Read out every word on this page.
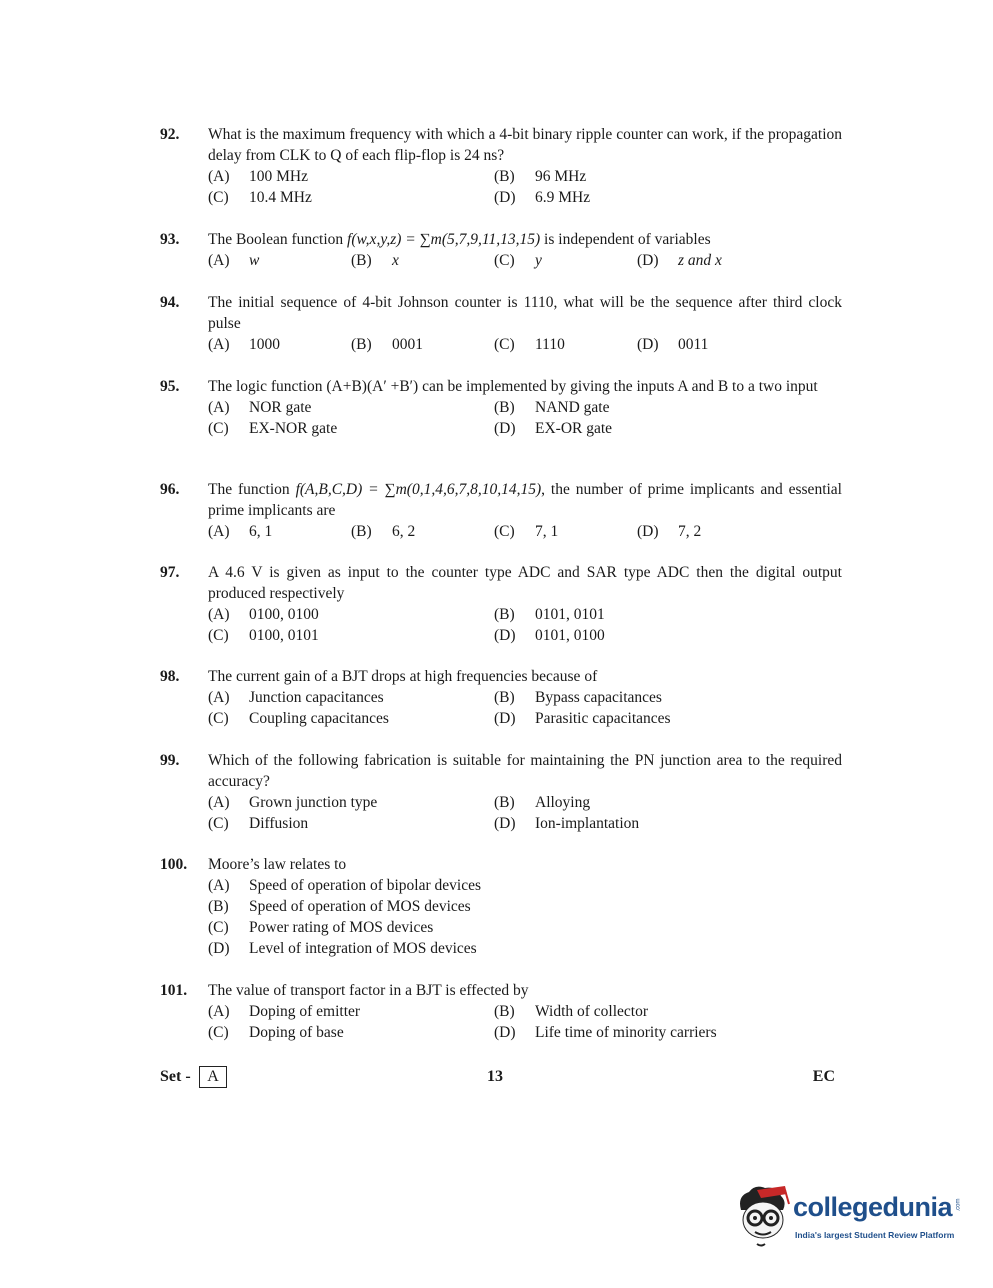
92. What is the maximum frequency with which a 4-bit binary ripple counter can work, if the propagation delay from CLK to Q of each flip-flop is 24 ns?
(A) 100 MHz	(B) 96 MHz
(C) 10.4 MHz	(D) 6.9 MHz
93. The Boolean function f(w,x,y,z) = ∑m(5,7,9,11,13,15) is independent of variables
(A) w	(B) x	(C) y	(D) z and x
94. The initial sequence of 4-bit Johnson counter is 1110, what will be the sequence after third clock pulse
(A) 1000	(B) 0001	(C) 1110	(D) 0011
95. The logic function (A+B)(A′ +B′) can be implemented by giving the inputs A and B to a two input
(A) NOR gate	(B) NAND gate
(C) EX-NOR gate	(D) EX-OR gate
96. The function f(A,B,C,D) = ∑m(0,1,4,6,7,8,10,14,15), the number of prime implicants and essential prime implicants are
(A) 6, 1	(B) 6, 2	(C) 7, 1	(D) 7, 2
97. A 4.6 V is given as input to the counter type ADC and SAR type ADC then the digital output produced respectively
(A) 0100, 0100	(B) 0101, 0101
(C) 0100, 0101	(D) 0101, 0100
98. The current gain of a BJT drops at high frequencies because of
(A) Junction capacitances	(B) Bypass capacitances
(C) Coupling capacitances	(D) Parasitic capacitances
99. Which of the following fabrication is suitable for maintaining the PN junction area to the required accuracy?
(A) Grown junction type	(B) Alloying
(C) Diffusion	(D) Ion-implantation
100. Moore’s law relates to
(A) Speed of operation of bipolar devices
(B) Speed of operation of MOS devices
(C) Power rating of MOS devices
(D) Level of integration of MOS devices
101. The value of transport factor in a BJT is effected by
(A) Doping of emitter	(B) Width of collector
(C) Doping of base	(D) Life time of minority carriers
Set -	A	13	EC
collegedunia .com
India's largest Student Review Platform
